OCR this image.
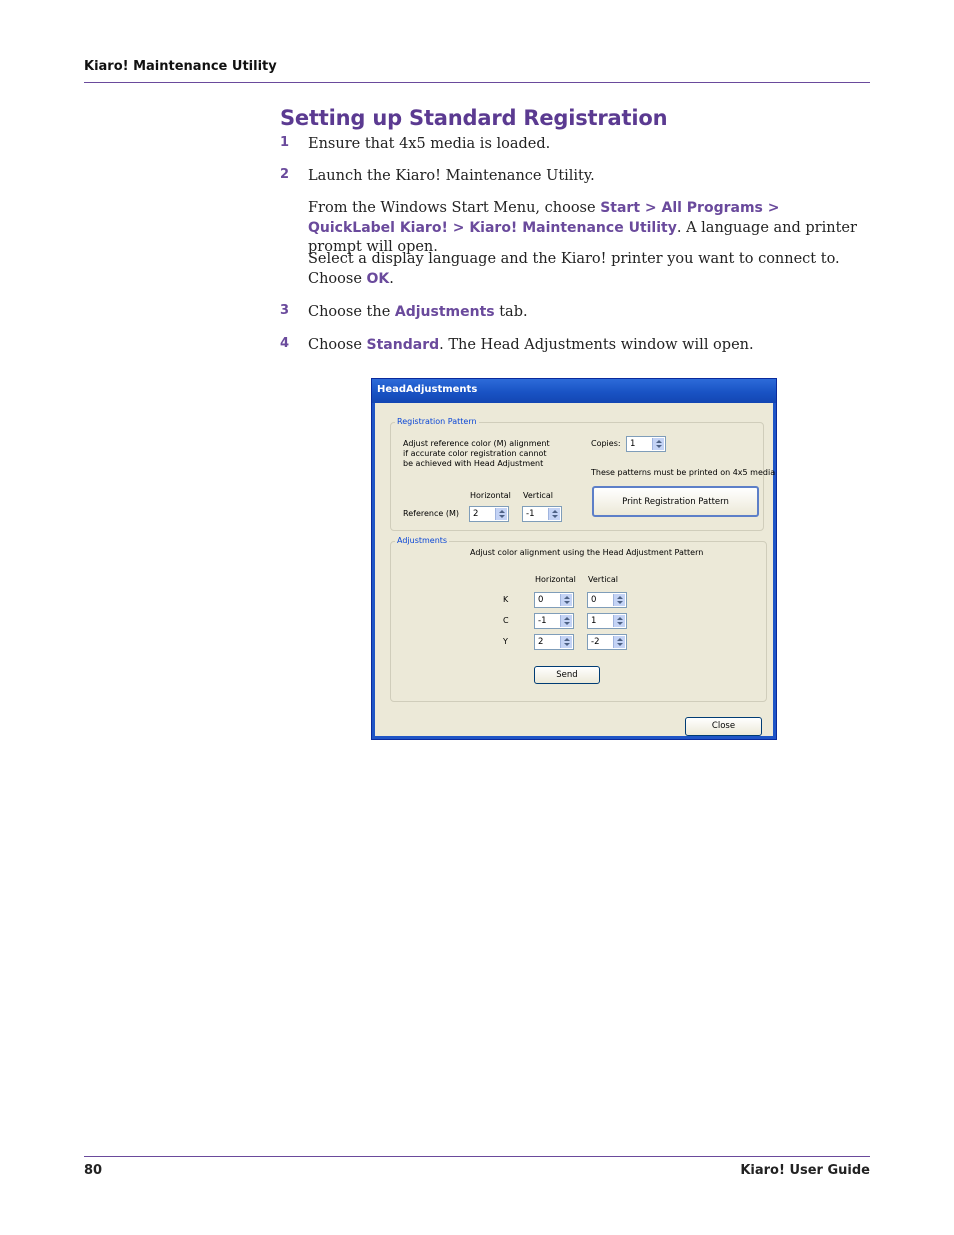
Kiaro! Maintenance Utility
Setting up Standard Registration
1 Ensure that 4x5 media is loaded.
2 Launch the Kiaro! Maintenance Utility.
From the Windows Start Menu, choose Start > All Programs > QuickLabel Kiaro! > Kiaro! Maintenance Utility. A language and printer prompt will open.
Select a display language and the Kiaro! printer you want to connect to. Choose OK.
3 Choose the Adjustments tab.
4 Choose Standard. The Head Adjustments window will open.
HeadAdjustments
Registration Pattern
Adjust reference color (M) alignment if accurate color registration cannot be achieved with Head Adjustment
Copies: 1
These patterns must be printed on 4x5 media
Horizontal Vertical
Reference (M) 2	-1
Print Registration Pattern
Adjustments
Adjust color alignment using the Head Adjustment Pattern
Horizontal Vertical
K	0	0
C	-1	1
Y	2	-2
Send
Close
80	Kiaro! User Guide
